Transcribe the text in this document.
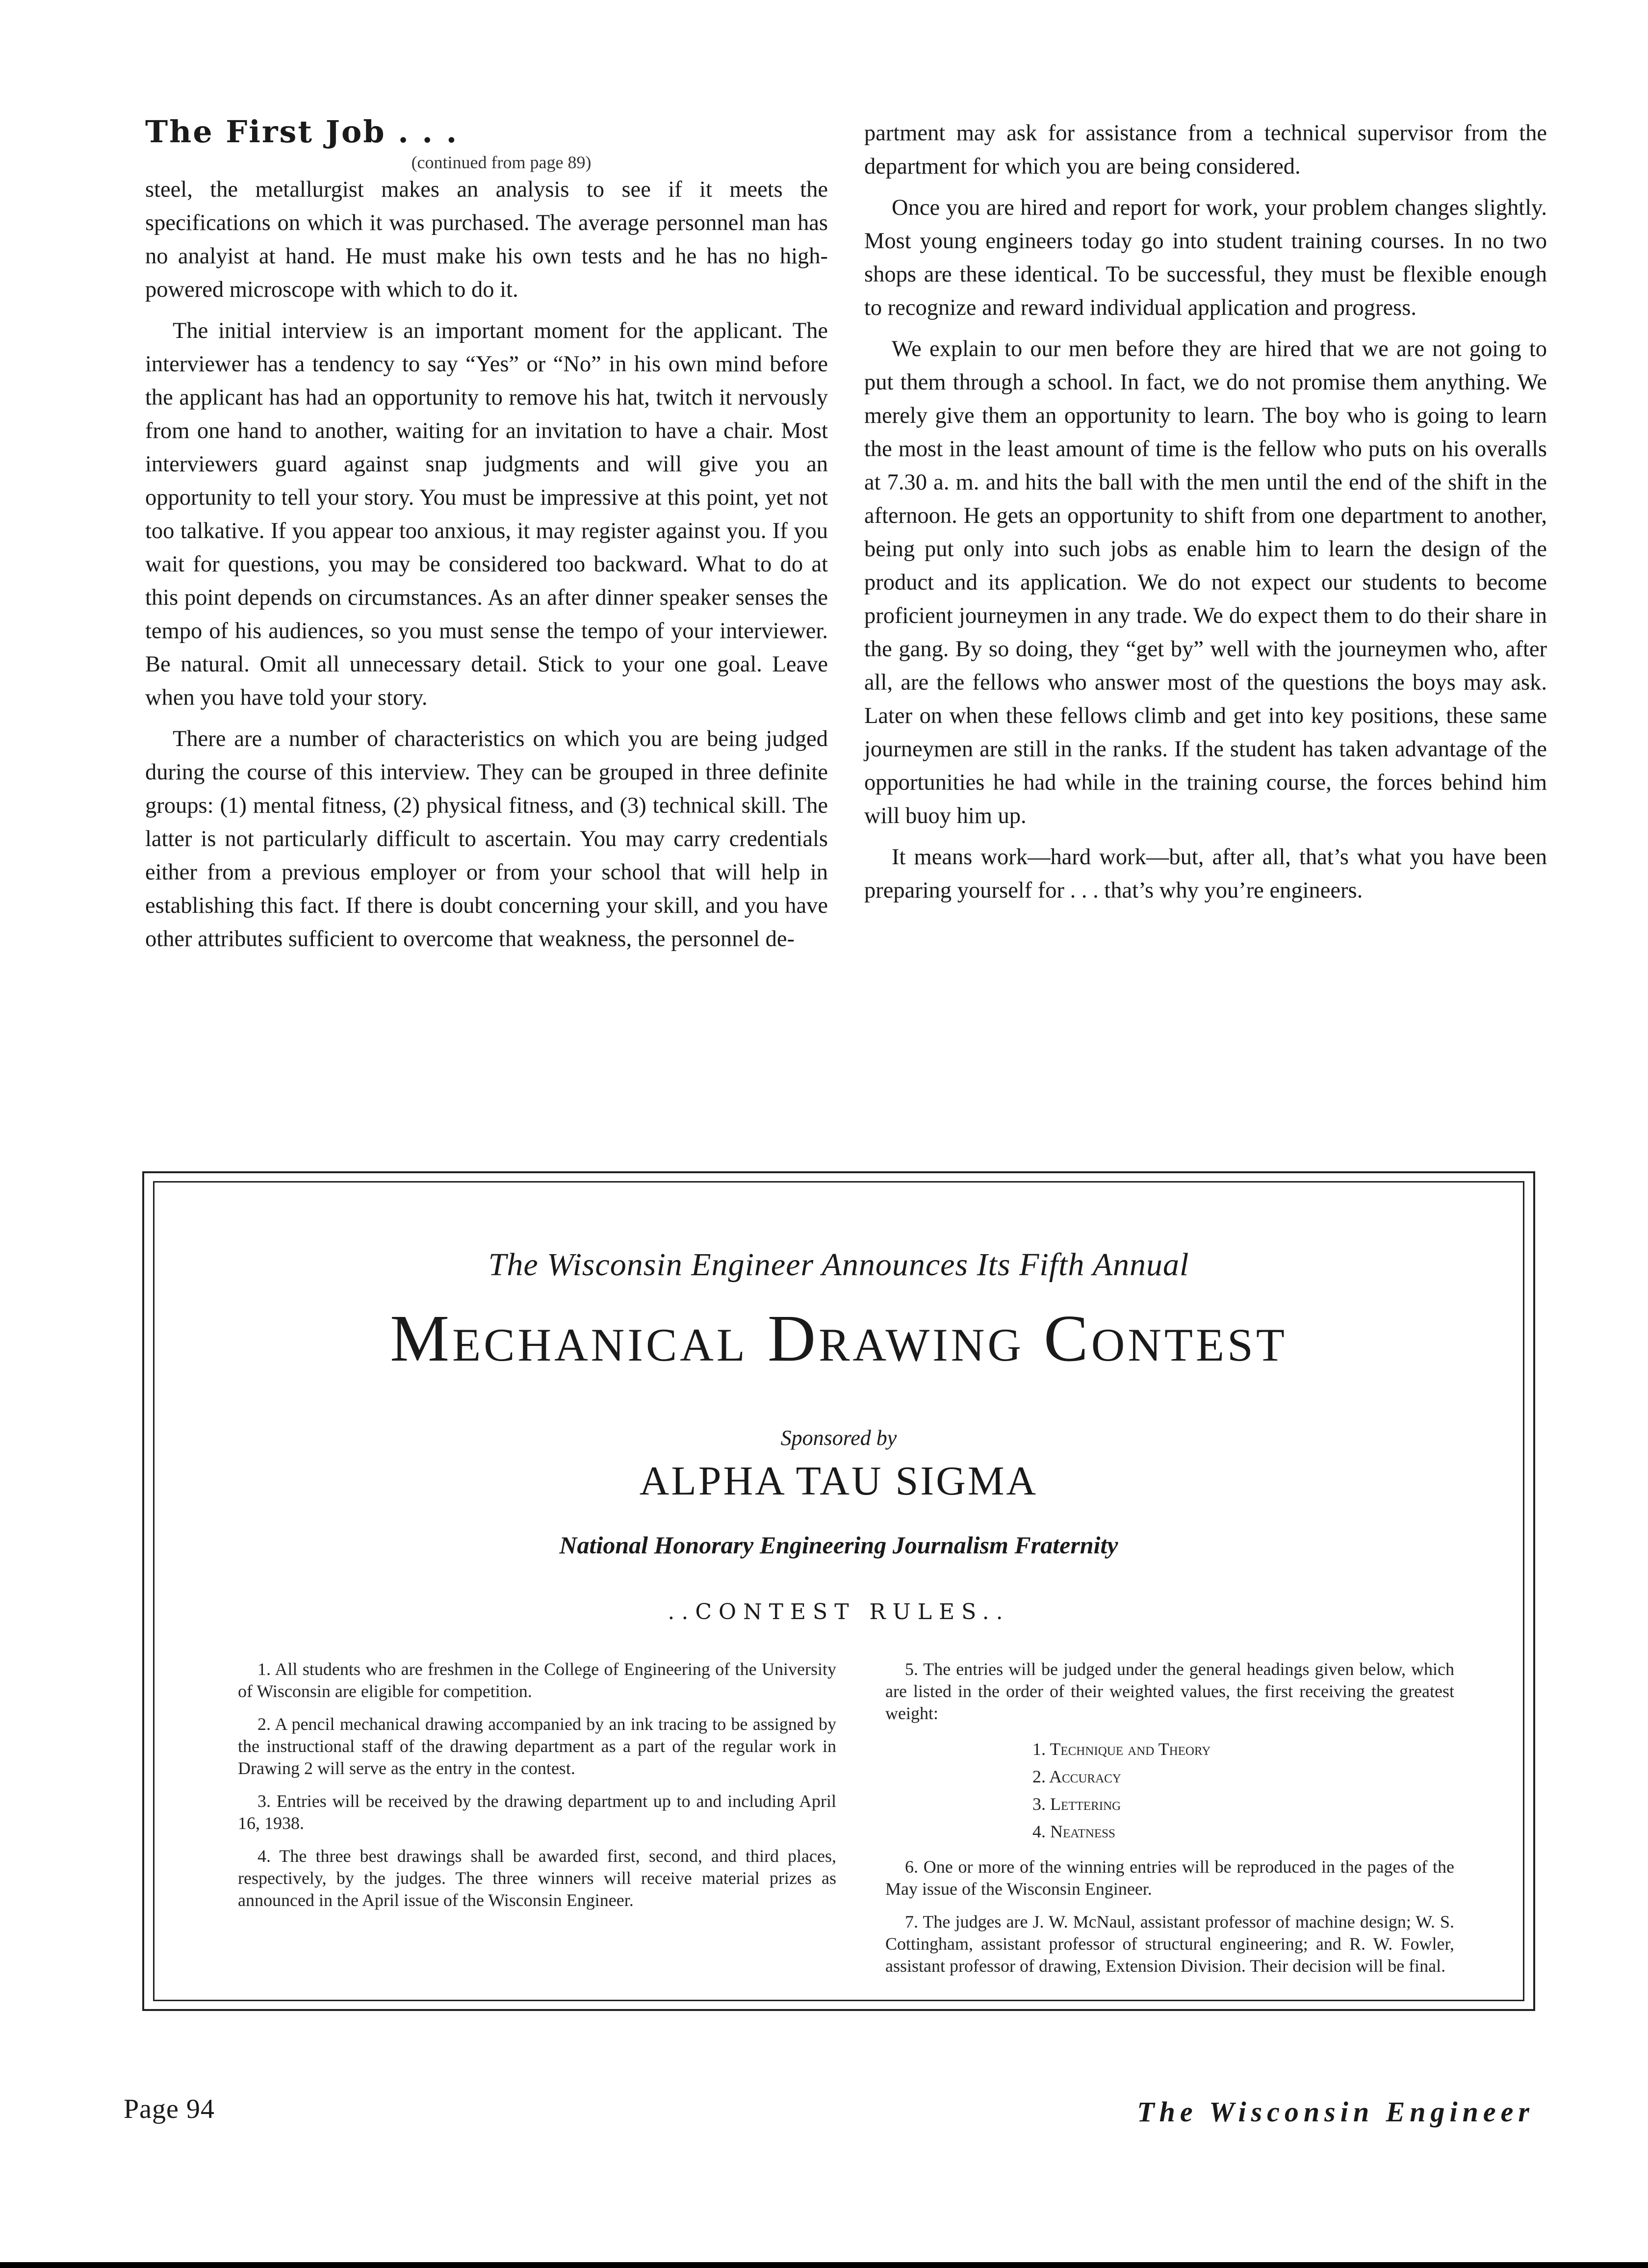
The First Job . . .
(continued from page 89)

steel, the metallurgist makes an analysis to see if it meets the specifications on which it was purchased. The average personnel man has no analyist at hand. He must make his own tests and he has no high-powered microscope with which to do it.

The initial interview is an important moment for the applicant. The interviewer has a tendency to say “Yes” or “No” in his own mind before the applicant has had an opportunity to remove his hat, twitch it nervously from one hand to another, waiting for an invitation to have a chair. Most interviewers guard against snap judgments and will give you an opportunity to tell your story. You must be impressive at this point, yet not too talkative. If you appear too anxious, it may register against you. If you wait for questions, you may be considered too backward. What to do at this point depends on circumstances. As an after dinner speaker senses the tempo of his audiences, so you must sense the tempo of your interviewer. Be natural. Omit all unnecessary detail. Stick to your one goal. Leave when you have told your story.

There are a number of characteristics on which you are being judged during the course of this interview. They can be grouped in three definite groups: (1) mental fitness, (2) physical fitness, and (3) technical skill. The latter is not particularly difficult to ascertain. You may carry credentials either from a previous employer or from your school that will help in establishing this fact. If there is doubt concerning your skill, and you have other attributes sufficient to overcome that weakness, the personnel de-

partment may ask for assistance from a technical supervisor from the department for which you are being considered.

Once you are hired and report for work, your problem changes slightly. Most young engineers today go into student training courses. In no two shops are these identical. To be successful, they must be flexible enough to recognize and reward individual application and progress.

We explain to our men before they are hired that we are not going to put them through a school. In fact, we do not promise them anything. We merely give them an opportunity to learn. The boy who is going to learn the most in the least amount of time is the fellow who puts on his overalls at 7.30 a. m. and hits the ball with the men until the end of the shift in the afternoon. He gets an opportunity to shift from one department to another, being put only into such jobs as enable him to learn the design of the product and its application. We do not expect our students to become proficient journeymen in any trade. We do expect them to do their share in the gang. By so doing, they “get by” well with the journeymen who, after all, are the fellows who answer most of the questions the boys may ask. Later on when these fellows climb and get into key positions, these same journeymen are still in the ranks. If the student has taken advantage of the opportunities he had while in the training course, the forces behind him will buoy him up.

It means work—hard work—but, after all, that’s what you have been preparing yourself for . . . that’s why you’re engineers.

The Wisconsin Engineer Announces Its Fifth Annual
Mechanical Drawing Contest
Sponsored by
ALPHA TAU SIGMA
National Honorary Engineering Journalism Fraternity
..CONTEST RULES..

1. All students who are freshmen in the College of Engineering of the University of Wisconsin are eligible for competition.

2. A pencil mechanical drawing accompanied by an ink tracing to be assigned by the instructional staff of the drawing department as a part of the regular work in Drawing 2 will serve as the entry in the contest.

3. Entries will be received by the drawing department up to and including April 16, 1938.

4. The three best drawings shall be awarded first, second, and third places, respectively, by the judges. The three winners will receive material prizes as announced in the April issue of the Wisconsin Engineer.

5. The entries will be judged under the general headings given below, which are listed in the order of their weighted values, the first receiving the greatest weight:

1. Technique and Theory
2. Accuracy
3. Lettering
4. Neatness

6. One or more of the winning entries will be reproduced in the pages of the May issue of the Wisconsin Engineer.

7. The judges are J. W. McNaul, assistant professor of machine design; W. S. Cottingham, assistant professor of structural engineering; and R. W. Fowler, assistant professor of drawing, Extension Division. Their decision will be final.

Page 94	The Wisconsin Engineer
